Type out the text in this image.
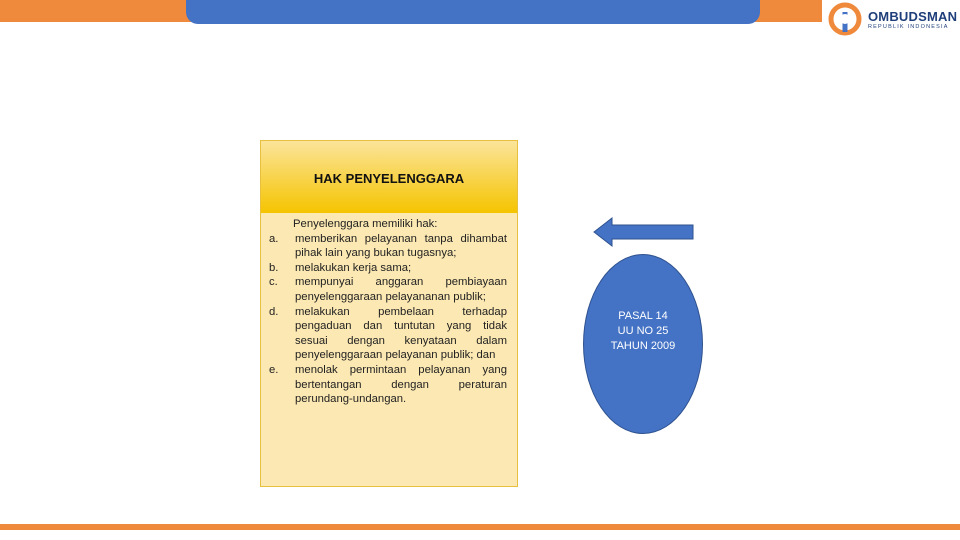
OMBUDSMAN
REPUBLIK INDONESIA
HAK PENYELENGGARA
Penyelenggara memiliki hak:
a.	memberikan pelayanan tanpa dihambat pihak lain yang bukan tugasnya;
b.	melakukan kerja sama;
c.	mempunyai anggaran pembiayaan penyelenggaraan pelayananan publik;
d.	melakukan pembelaan terhadap pengaduan dan tuntutan yang tidak sesuai dengan kenyataan dalam penyelenggaraan pelayanan publik; dan
e.	menolak permintaan pelayanan yang bertentangan dengan peraturan perundang-undangan.
PASAL 14
UU NO 25
TAHUN 2009
